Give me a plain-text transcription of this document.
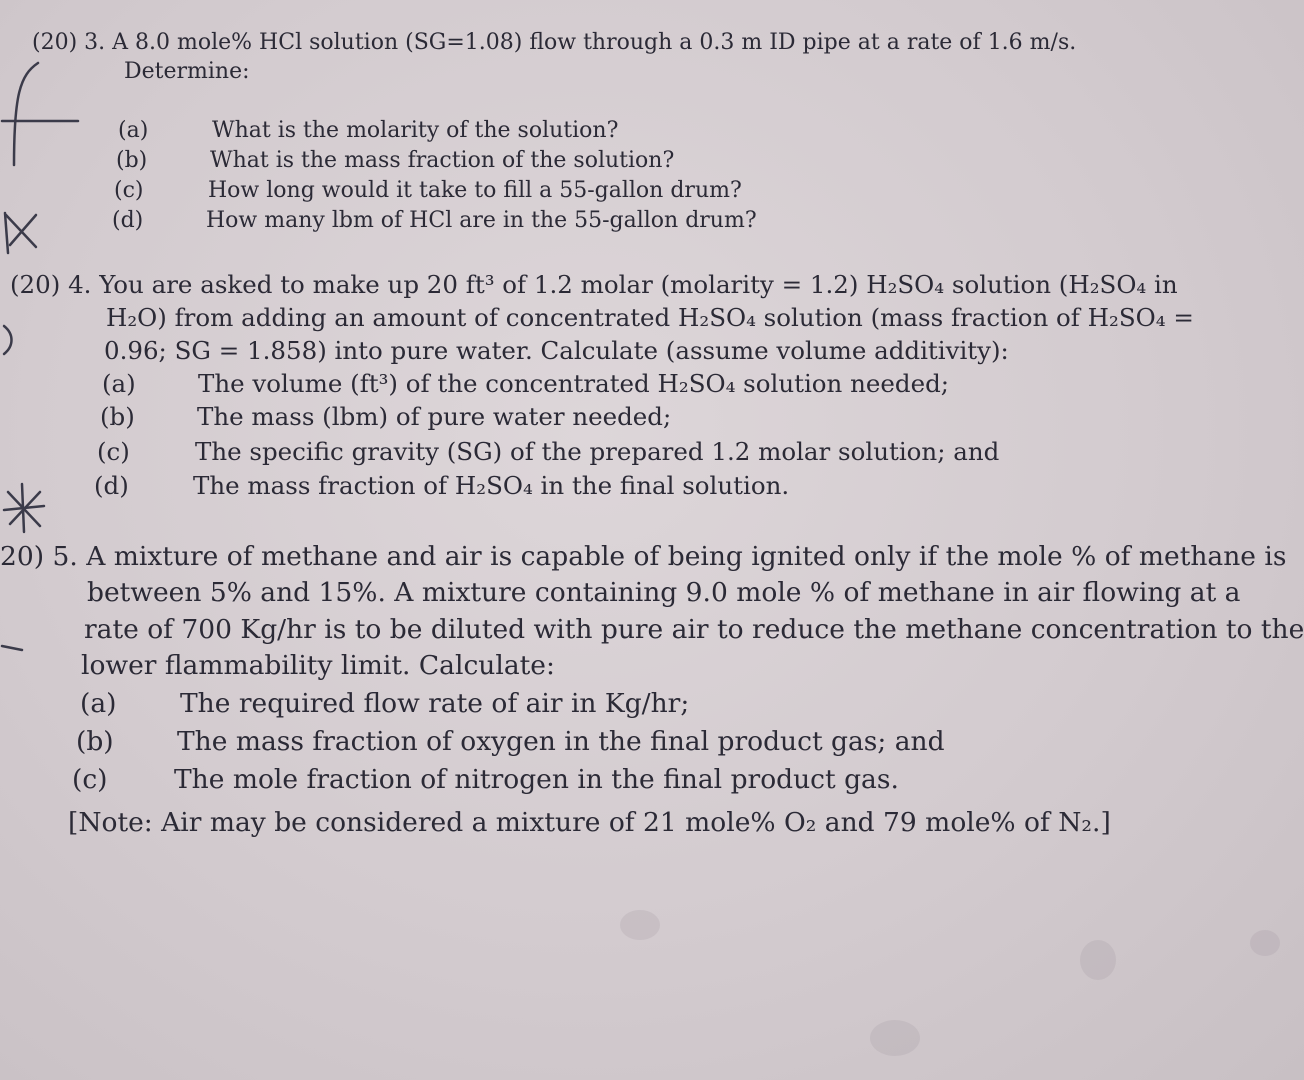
(20) 3. A 8.0 mole% HCl solution (SG=1.08) flow through a 0.3 m ID pipe at a rate of 1.6 m/s.
Determine:
(a)	What is the molarity of the solution?
(b)	What is the mass fraction of the solution?
(c)	How long would it take to fill a 55-gallon drum?
(d)	How many lbm of HCl are in the 55-gallon drum?
(20) 4. You are asked to make up 20 ft³ of 1.2 molar (molarity = 1.2) H₂SO₄ solution (H₂SO₄ in
H₂O) from adding an amount of concentrated H₂SO₄ solution (mass fraction of H₂SO₄ =
0.96; SG = 1.858) into pure water. Calculate (assume volume additivity):
(a)	The volume (ft³) of the concentrated H₂SO₄ solution needed;
(b)	The mass (lbm) of pure water needed;
(c)	The specific gravity (SG) of the prepared 1.2 molar solution; and
(d)	The mass fraction of H₂SO₄ in the final solution.
20) 5. A mixture of methane and air is capable of being ignited only if the mole % of methane is
between 5% and 15%. A mixture containing 9.0 mole % of methane in air flowing at a
rate of 700 Kg/hr is to be diluted with pure air to reduce the methane concentration to the
lower flammability limit. Calculate:
(a) The required flow rate of air in Kg/hr;
(b) The mass fraction of oxygen in the final product gas; and
(c)	The mole fraction of nitrogen in the final product gas.
[Note: Air may be considered a mixture of 21 mole% O₂ and 79 mole% of N₂.]
